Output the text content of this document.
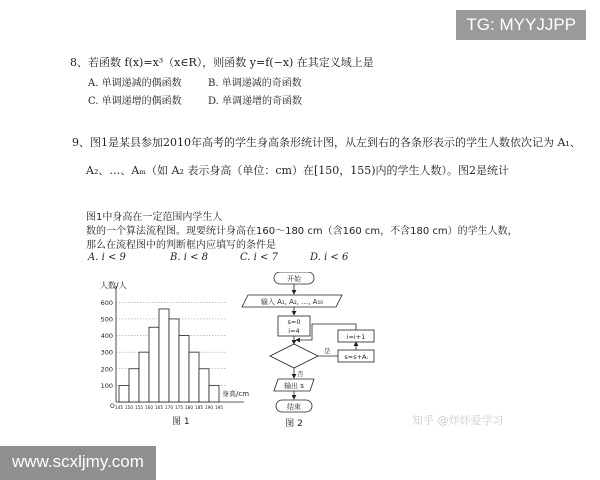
TG: MYYJJPP
www.scxljmy.com
知乎 @烊烊爱学习
8、若函数 f(x)=x³（x∈R），则函数 y=f(−x) 在其定义域上是
A. 单调递减的偶函数	B. 单调递减的奇函数
C. 单调递增的偶函数	D. 单调递增的奇函数
9、图1是某县参加2010年高考的学生身高条形统计图，从左到右的各条形表示的学生人数依次记为 A₁、
A₂、…、Aₘ（如 A₂ 表示身高（单位：cm）在[150，155)内的学生人数）。图2是统计
图1中身高在一定范围内学生人
数的一个算法流程图。现要统计身高在160～180 cm（含160 cm，不含180 cm）的学生人数，
那么在流程图中的判断框内应填写的条件是
A. i < 9	B. i < 8	C. i < 7	D. i < 6
100
200
300
400
500
600
145 150 155 160 165 170 175 180 185 190 195
O
人数/人
身高/cm
图 1
开始
输入 A₁, A₂, …, A₁₀
s=0
i=4
是
s=s+Aᵢ
i=i+1
否
输出 s
结束
图 2
